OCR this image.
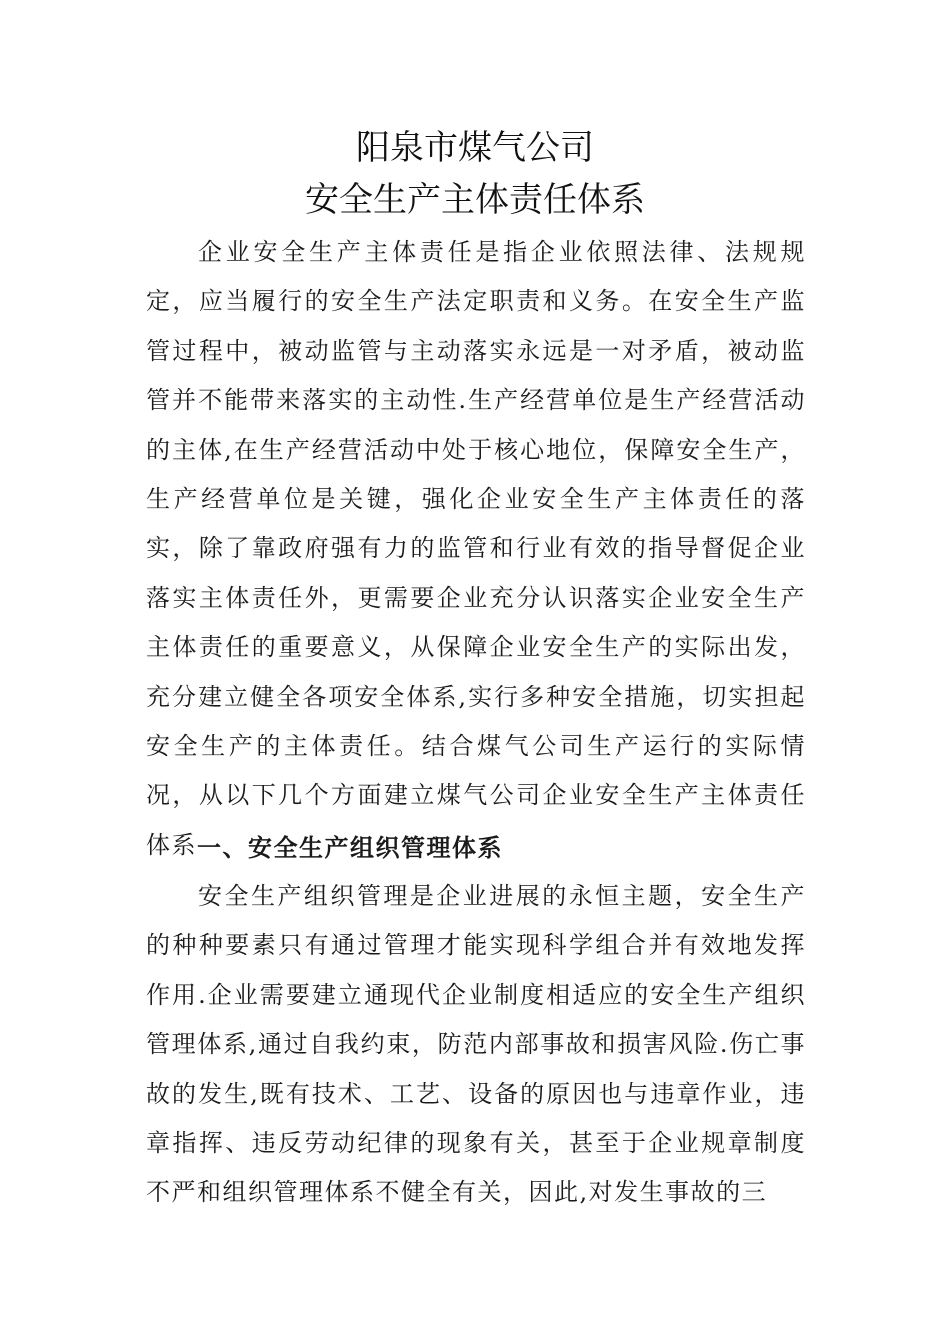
阳泉市煤气公司
安全生产主体责任体系

企业安全生产主体责任是指企业依照法律、法规规定，应当履行的安全生产法定职责和义务。在安全生产监管过程中，被动监管与主动落实永远是一对矛盾，被动监管并不能带来落实的主动性.生产经营单位是生产经营活动的主体,在生产经营活动中处于核心地位，保障安全生产，生产经营单位是关键，强化企业安全生产主体责任的落实，除了靠政府强有力的监管和行业有效的指导督促企业落实主体责任外，更需要企业充分认识落实企业安全生产主体责任的重要意义，从保障企业安全生产的实际出发，充分建立健全各项安全体系,实行多种安全措施，切实担起安全生产的主体责任。结合煤气公司生产运行的实际情况，从以下几个方面建立煤气公司企业安全生产主体责任体系 一、安全生产组织管理体系

安全生产组织管理是企业进展的永恒主题，安全生产的种种要素只有通过管理才能实现科学组合并有效地发挥作用.企业需要建立通现代企业制度相适应的安全生产组织管理体系,通过自我约束，防范内部事故和损害风险.伤亡事故的发生,既有技术、工艺、设备的原因也与违章作业，违章指挥、违反劳动纪律的现象有关，甚至于企业规章制度不严和组织管理体系不健全有关，因此,对发生事故的三
